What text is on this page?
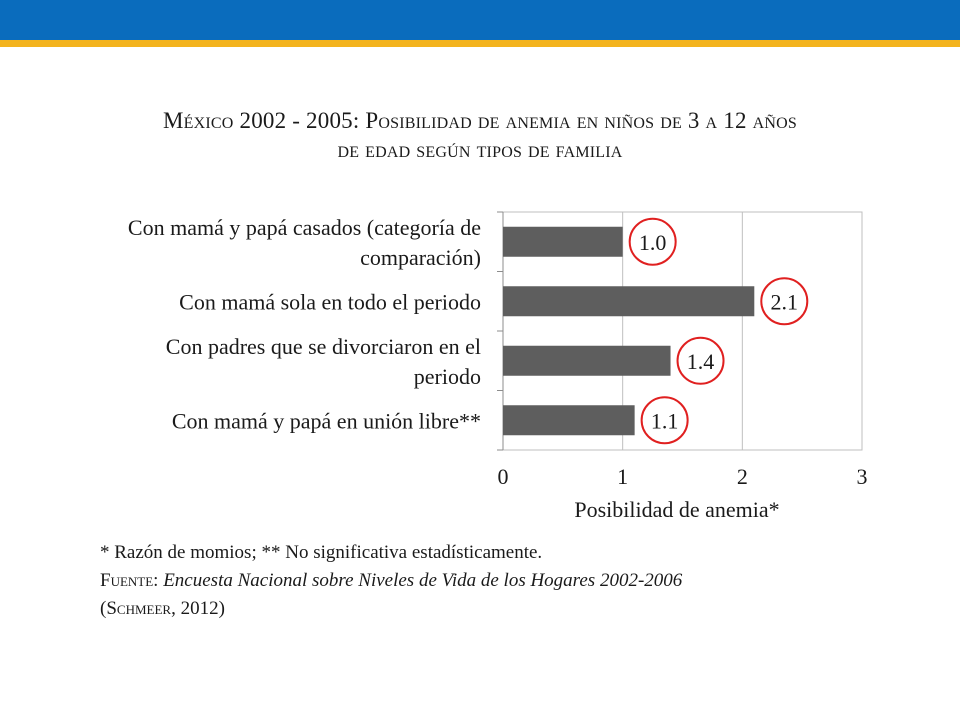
México 2002 - 2005: Posibilidad de anemia en niños de 3 a 12 años
de edad según tipos de familia
1.0
Con mamá y papá casados (categoría de
comparación)
2.1
Con mamá sola en todo el periodo
1.4
Con padres que se divorciaron en el
periodo
1.1
Con mamá y papá en unión libre**
0	1	2	3
Posibilidad de anemia*
* Razón de momios; ** No significativa estadísticamente.
Fuente: Encuesta Nacional sobre Niveles de Vida de los Hogares 2002-2006
(Schmeer, 2012)
